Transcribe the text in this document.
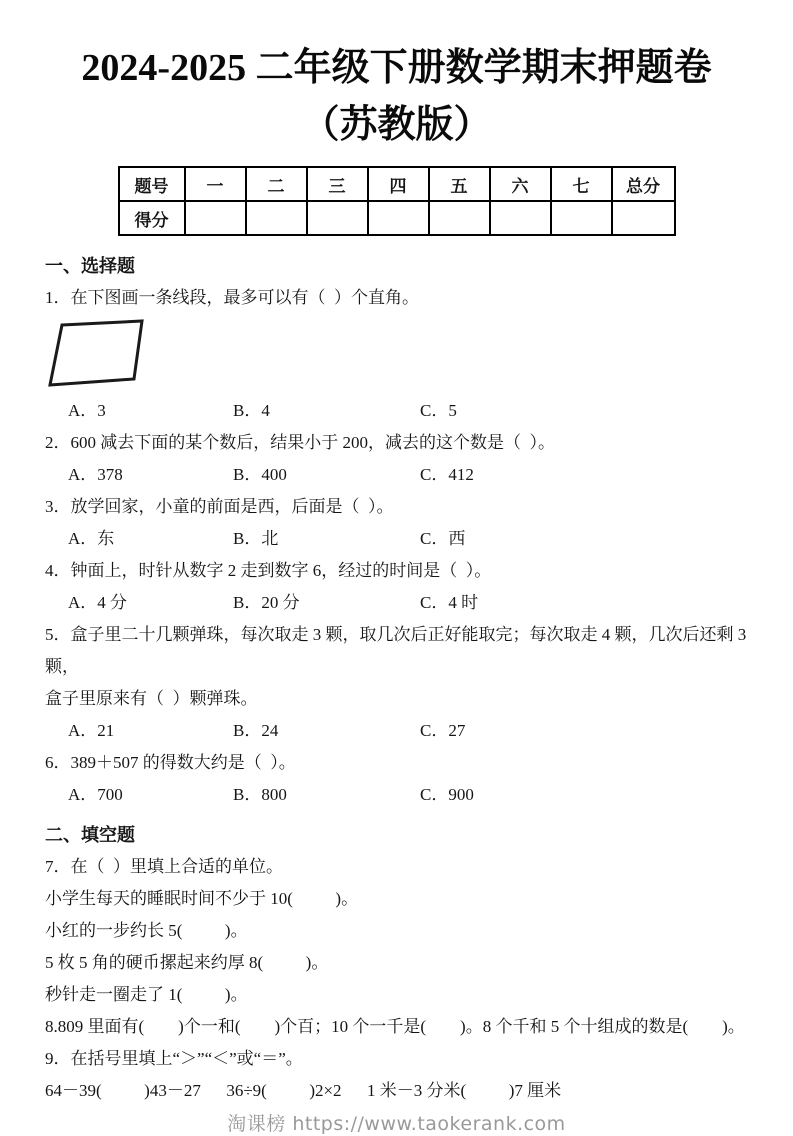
2024-2025 二年级下册数学期末押题卷
（苏教版）
题号	一	二	三	四	五	六	七	总分
得分								
一、选择题
1．在下图画一条线段，最多可以有（  ）个直角。
A．3	B．4	C．5
2．600 减去下面的某个数后，结果小于 200，减去的这个数是（  ）。
A．378	B．400	C．412
3．放学回家，小童的前面是西，后面是（  ）。
A．东	B．北	C．西
4．钟面上，时针从数字 2 走到数字 6，经过的时间是（  ）。
A．4 分	B．20 分	C．4 时
5．盒子里二十几颗弹珠，每次取走 3 颗，取几次后正好能取完；每次取走 4 颗，几次后还剩 3 颗，
盒子里原来有（  ）颗弹珠。
A．21	B．24	C．27
6．389＋507 的得数大约是（  ）。
A．700	B．800	C．900
二、填空题
7．在（  ）里填上合适的单位。
小学生每天的睡眠时间不少于 10(          )。
小红的一步约长 5(          )。
5 枚 5 角的硬币摞起来约厚 8(          )。
秒针走一圈走了 1(          )。
8.809 里面有(        )个一和(        )个百；10 个一千是(        )。8 个千和 5 个十组成的数是(        )。
9．在括号里填上“＞”“＜”或“＝”。
64－39(          )43－27      36÷9(          )2×2      1 米－3 分米(          )7 厘米
淘课榜 https://www.taokerank.com
